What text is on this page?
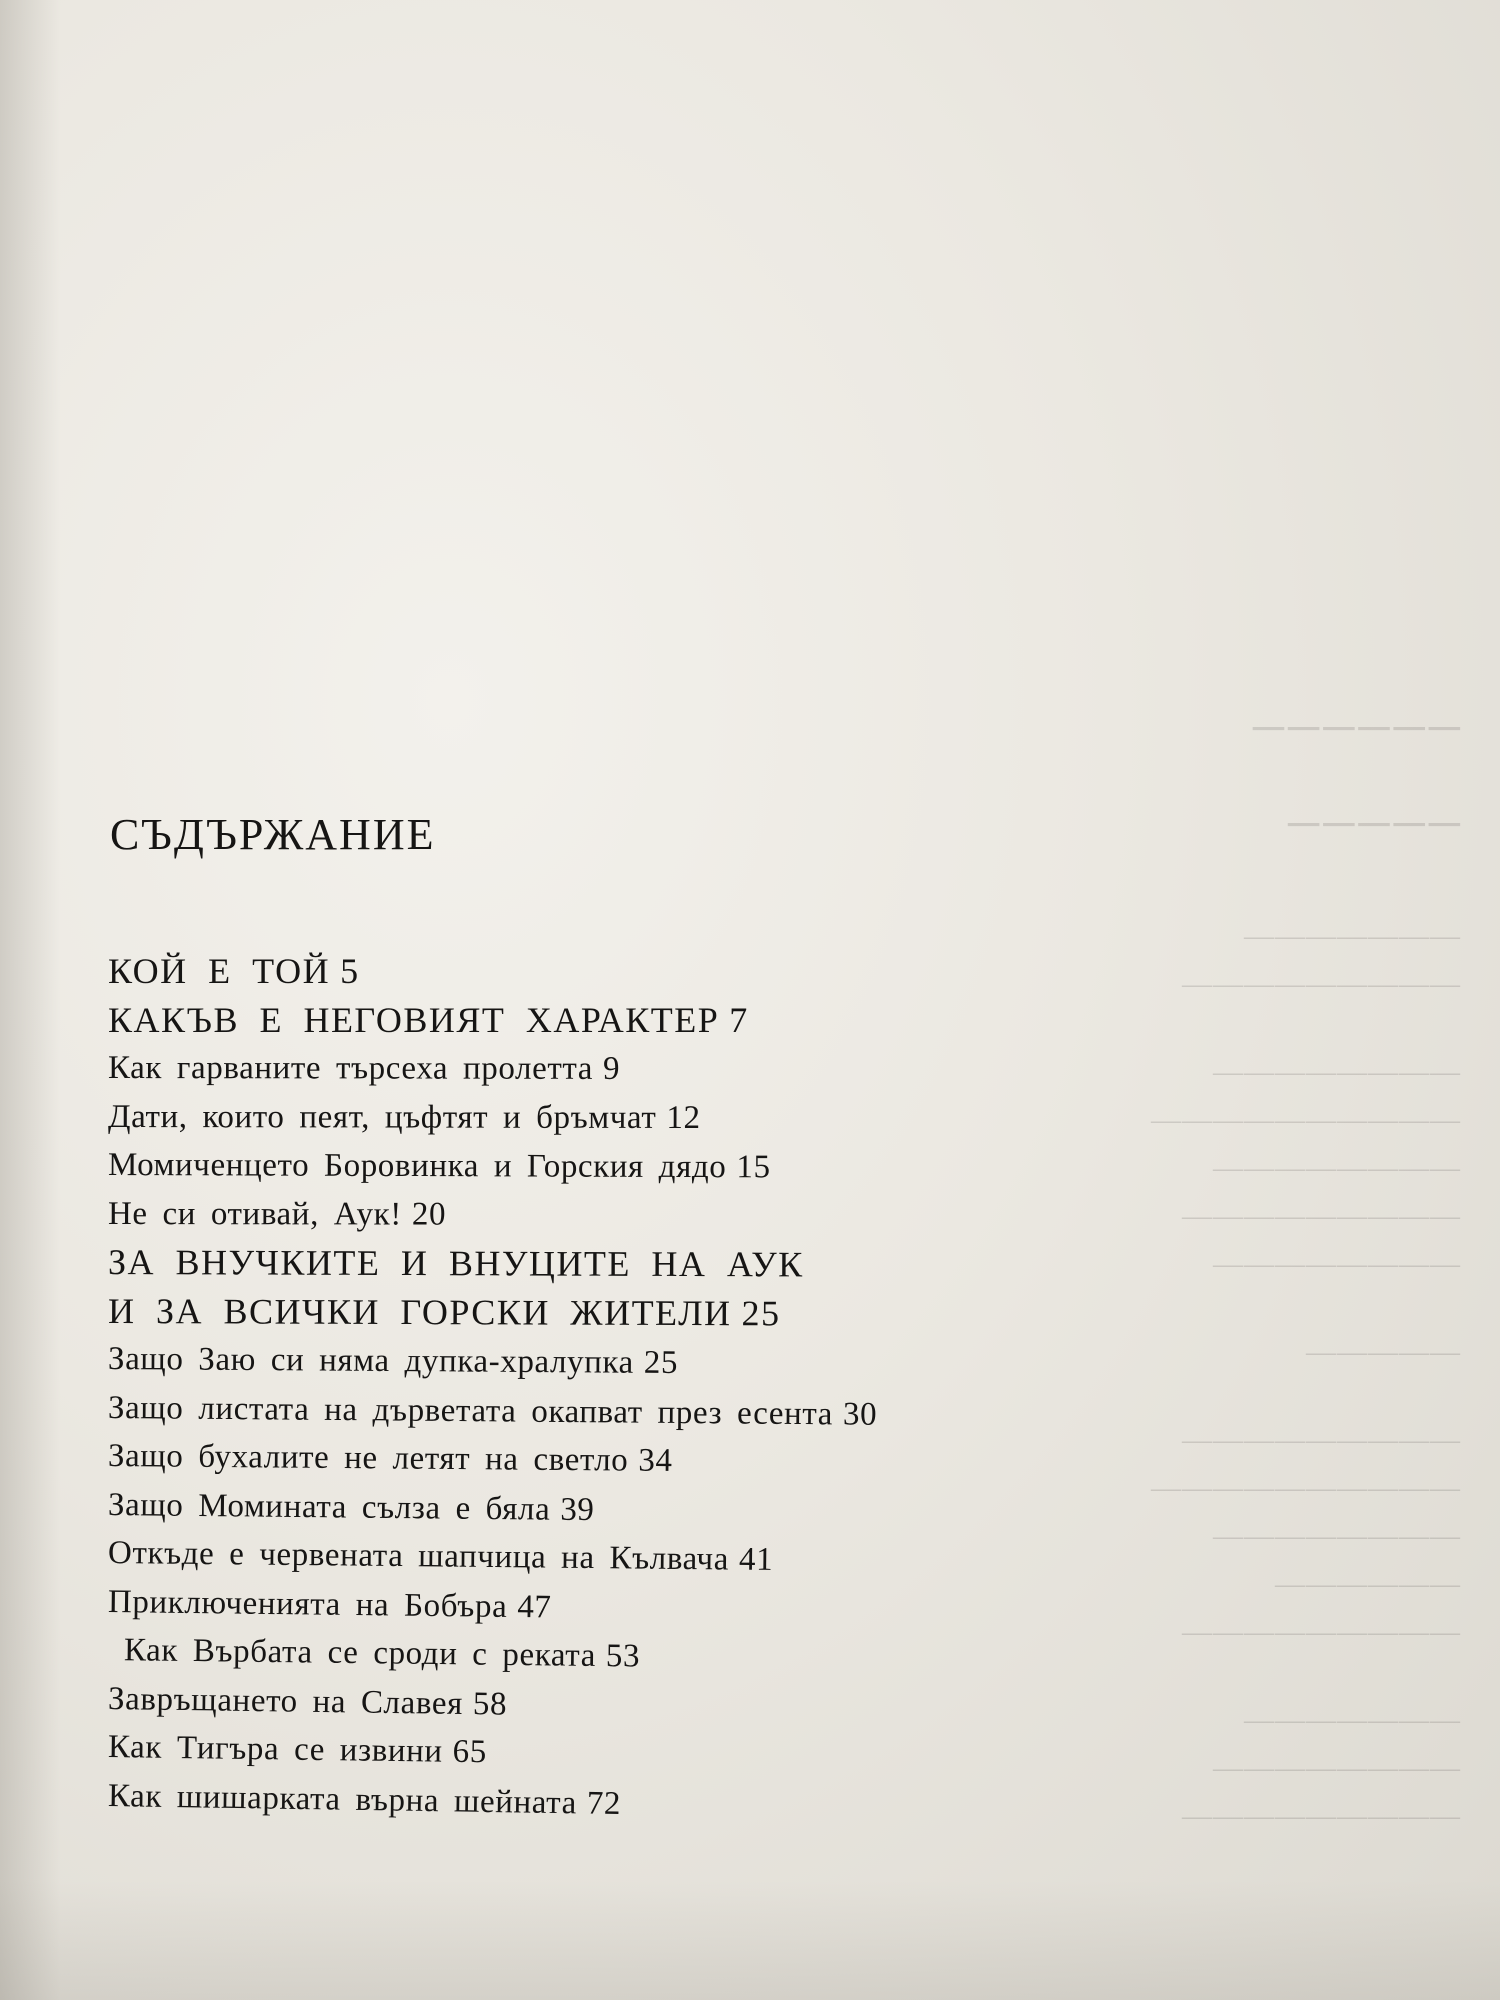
──────
─────
———————
—————————
————————
——————————
————————
—————————
————————
—————
—————————
——————————
————————
——————
—————————
———————
————————
—————————
СЪДЪРЖАНИЕ
КОЙ Е ТОЙ 5
КАКЪВ Е НЕГОВИЯТ ХАРАКТЕР 7
Как гарваните търсеха пролетта 9
Дати, които пеят, цъфтят и бръмчат 12
Момиченцето Боровинка и Горския дядо 15
Не си отивай, Аук! 20
ЗА ВНУЧКИТЕ И ВНУЦИТЕ НА АУК
И ЗА ВСИЧКИ ГОРСКИ ЖИТЕЛИ 25
Защо Заю си няма дупка-хралупка 25
Защо листата на дърветата окапват през есента 30
Защо бухалите не летят на светло 34
Защо Момината сълза е бяла 39
Откъде е червената шапчица на Кълвача 41
Приключенията на Бобъра 47
Как Върбата се сроди с реката 53
Завръщането на Славея 58
Как Тигъра се извини 65
Как шишарката върна шейната 72
